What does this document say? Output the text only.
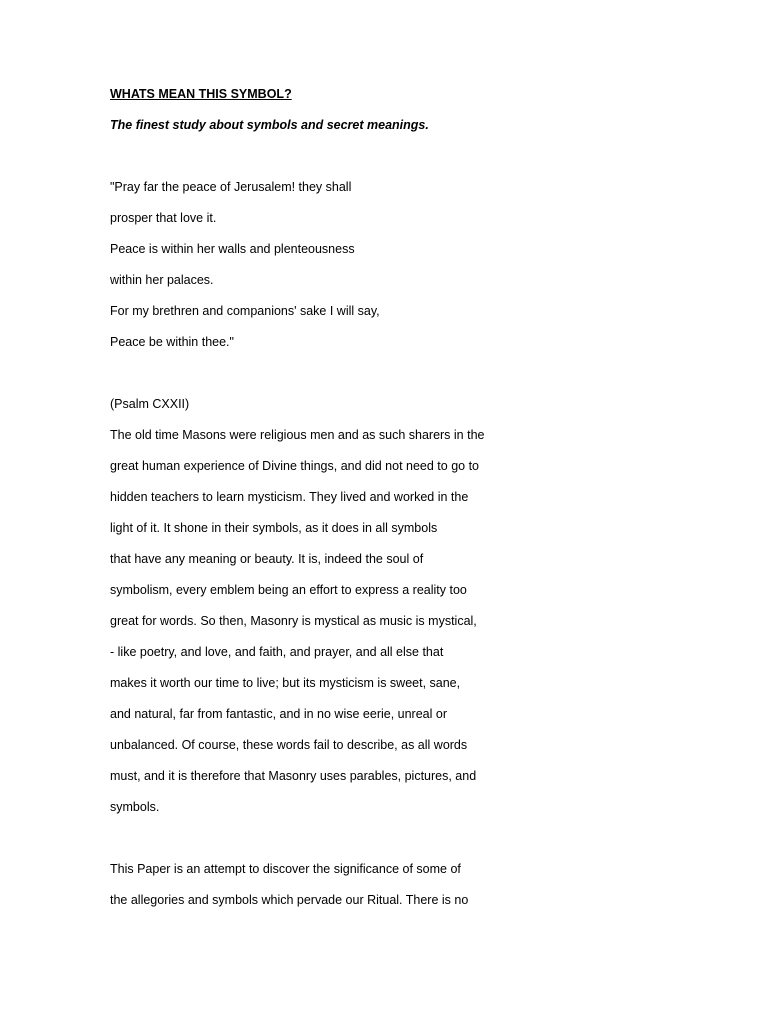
WHATS MEAN THIS SYMBOL?
The finest study about symbols and secret meanings.
"Pray far the peace of Jerusalem! they shall
prosper that love it.
Peace is within her walls and plenteousness
within her palaces.
For my brethren and companions' sake I will say,
Peace be within thee."
(Psalm CXXII)
The old time Masons were religious men and as such sharers in the
great human experience of Divine things, and did not need to go to
hidden teachers to learn mysticism. They lived and worked in the
light of it. It shone in their symbols, as it does in all symbols
that have any meaning or beauty. It is, indeed the soul of
symbolism, every emblem being an effort to express a reality too
great for words. So then, Masonry is mystical as music is mystical,
- like poetry, and love, and faith, and prayer, and all else that
makes it worth our time to live; but its mysticism is sweet, sane,
and natural, far from fantastic, and in no wise eerie, unreal or
unbalanced. Of course, these words fail to describe, as all words
must, and it is therefore that Masonry uses parables, pictures, and
symbols.
This Paper is an attempt to discover the significance of some of
the allegories and symbols which pervade our Ritual. There is no
